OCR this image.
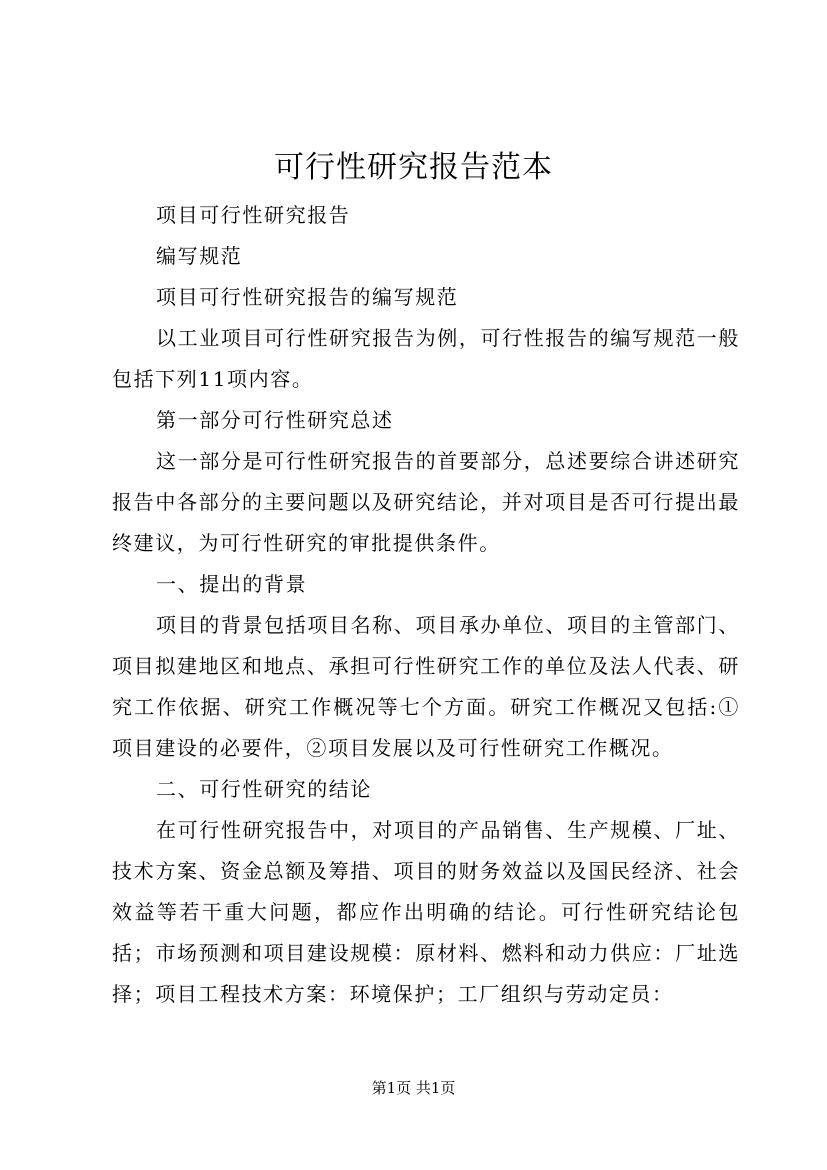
可行性研究报告范本

项目可行性研究报告

编写规范

项目可行性研究报告的编写规范

以工业项目可行性研究报告为例，可行性报告的编写规范一般包括下列11项内容。

第一部分可行性研究总述

这一部分是可行性研究报告的首要部分，总述要综合讲述研究报告中各部分的主要问题以及研究结论，并对项目是否可行提出最终建议，为可行性研究的审批提供条件。

一、提出的背景

项目的背景包括项目名称、项目承办单位、项目的主管部门、项目拟建地区和地点、承担可行性研究工作的单位及法人代表、研究工作依据、研究工作概况等七个方面。研究工作概况又包括:①项目建设的必要件，②项目发展以及可行性研究工作概况。

二、可行性研究的结论

在可行性研究报告中，对项目的产品销售、生产规模、厂址、技术方案、资金总额及筹措、项目的财务效益以及国民经济、社会效益等若干重大问题，都应作出明确的结论。可行性研究结论包括；市场预测和项目建设规模：原材料、燃料和动力供应：厂址选择；项目工程技术方案：环境保护；工厂组织与劳动定员：

第1页 共1页
